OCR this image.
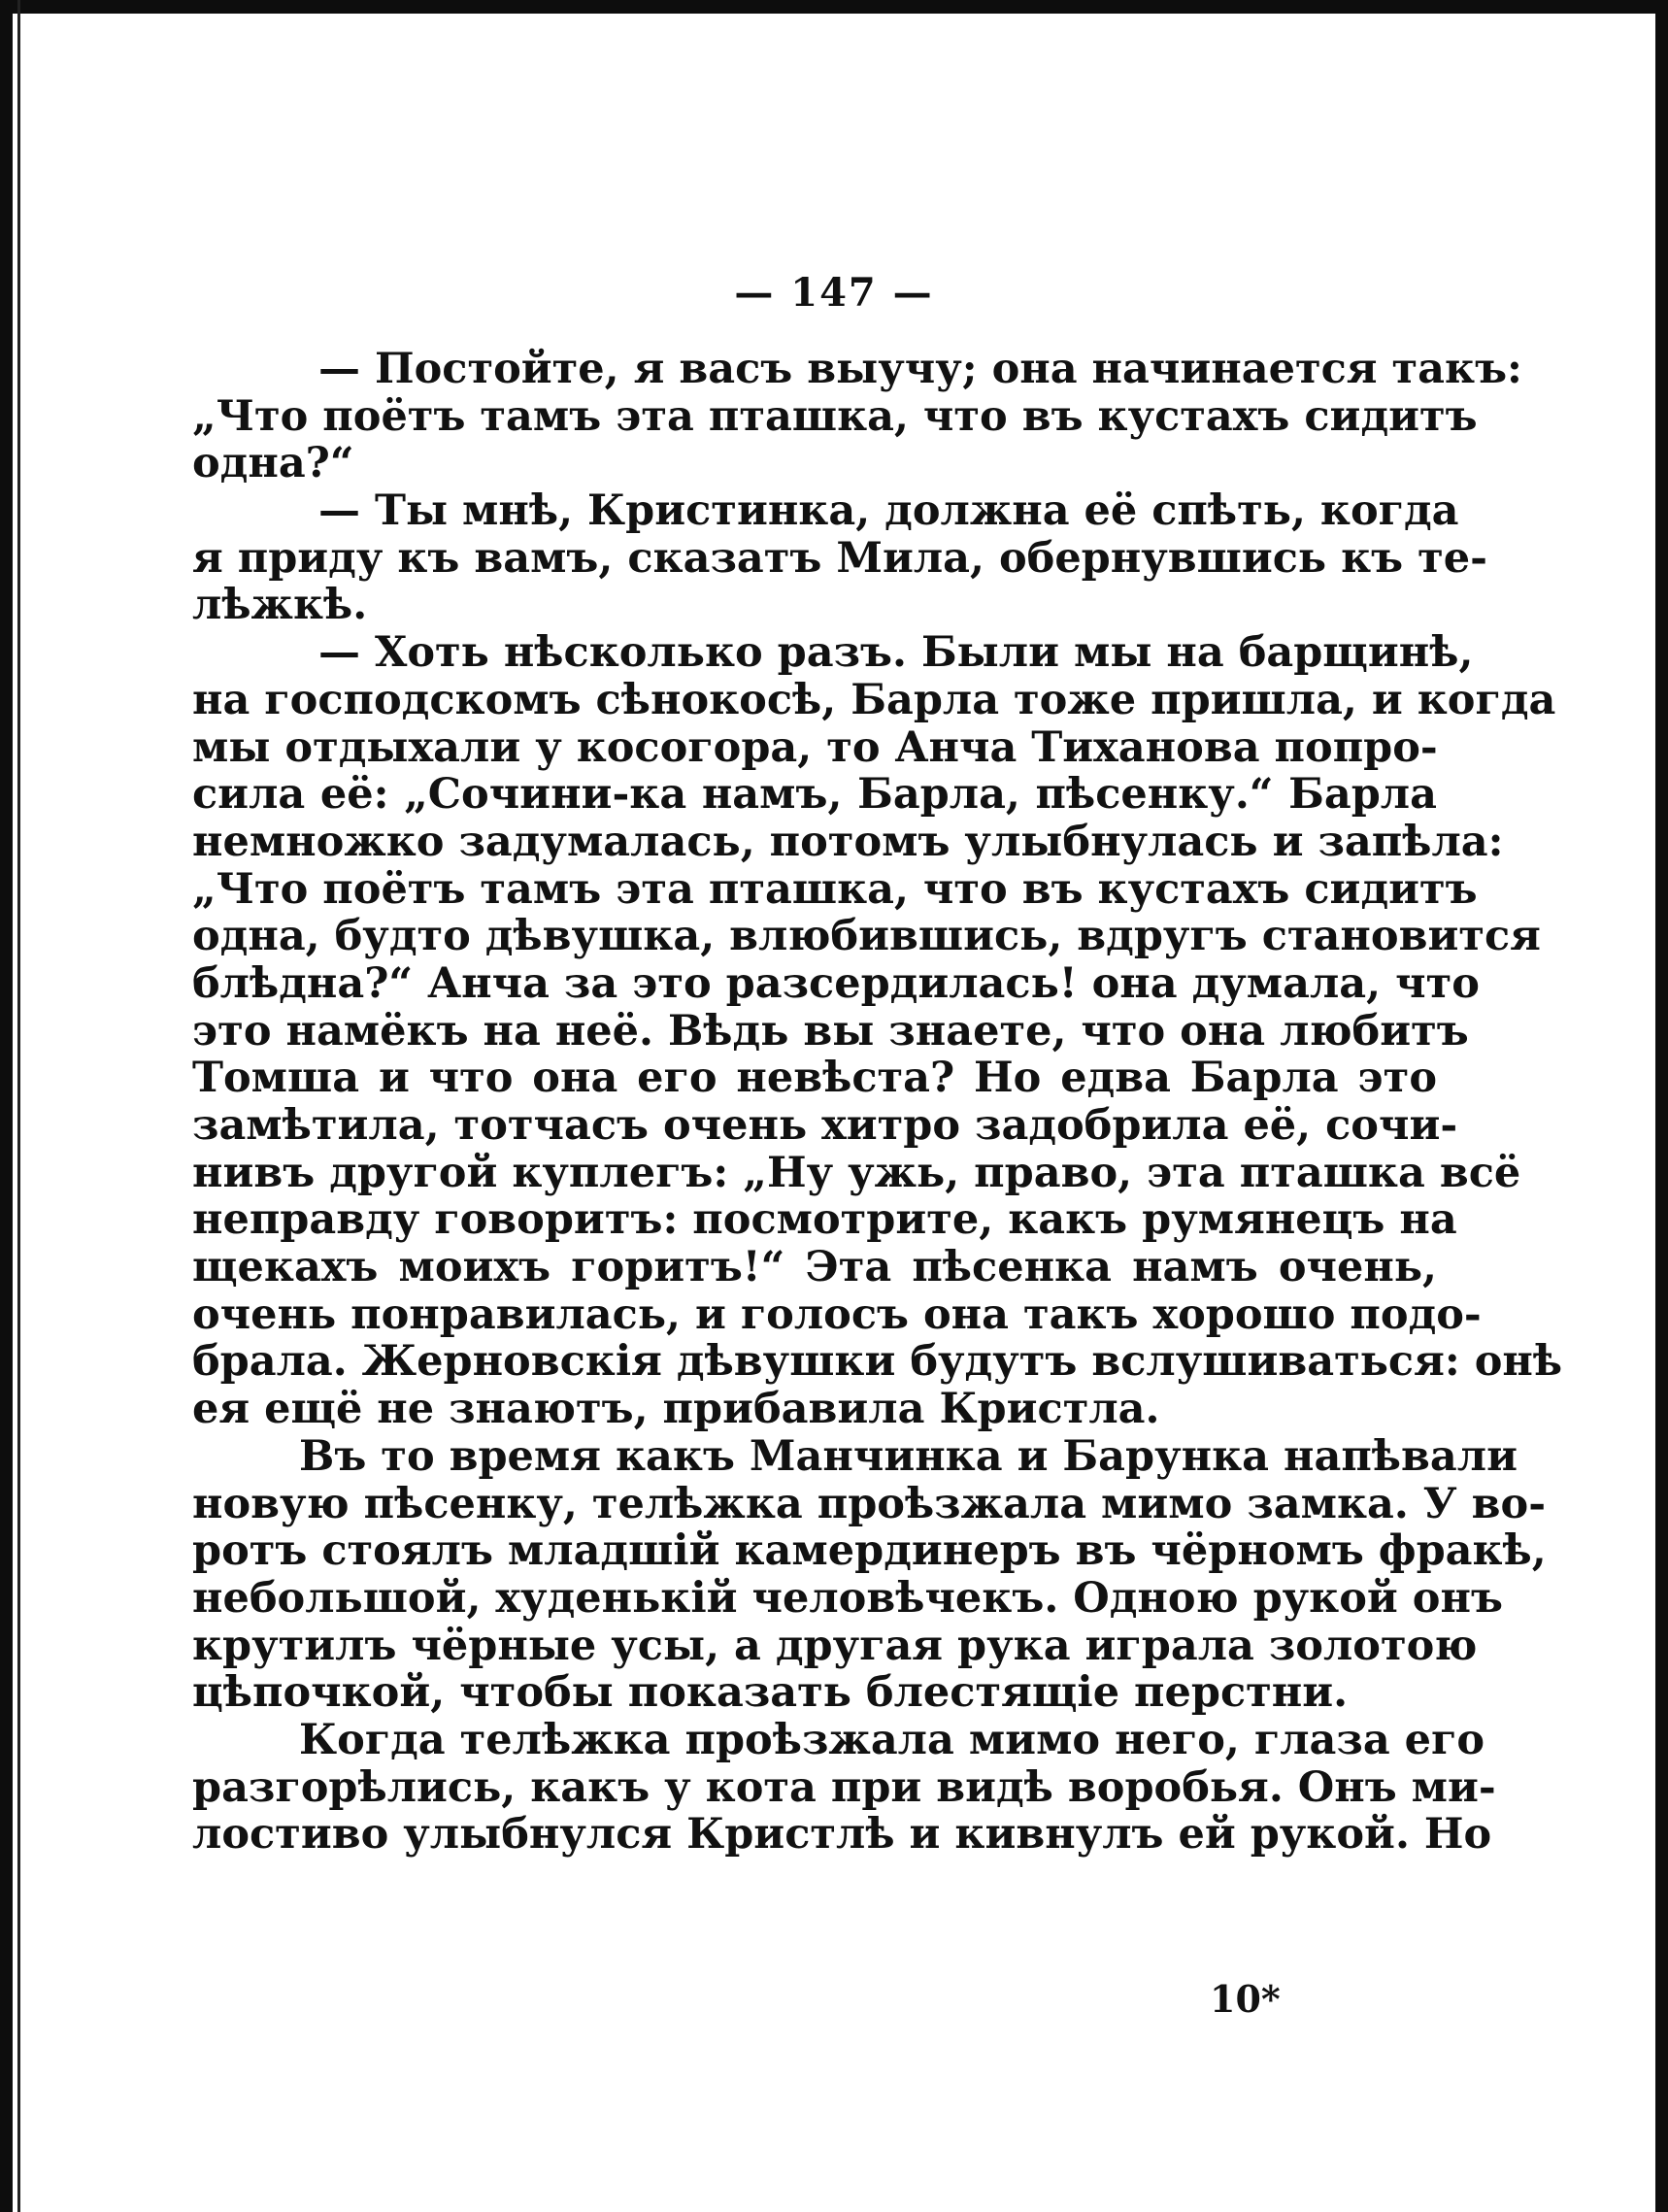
— 147 —
— Постойте, я васъ выучу; она начинается такъ:
„Что поётъ тамъ эта пташка, что въ кустахъ сидитъ
одна?“
— Ты мнѣ, Кристинка, должна её спѣть, когда
я приду къ вамъ, сказатъ Мила, обернувшись къ те-
лѣжкѣ.
— Хоть нѣсколько разъ. Были мы на барщинѣ,
на господскомъ сѣнокосѣ, Барла тоже пришла, и когда
мы отдыхали у косогора, то Анча Тиханова попро-
сила её: „Сочини-ка намъ, Барла, пѣсенку.“ Барла
немножко задумалась, потомъ улыбнулась и запѣла:
„Что поётъ тамъ эта пташка, что въ кустахъ сидитъ
одна, будто дѣвушка, влюбившись, вдругъ становится
блѣдна?“ Анча за это разсердилась! она думала, что
это намёкъ на неё. Вѣдь вы знаете, что она любитъ
Томша и что она его невѣста? Но едва Барла это
замѣтила, тотчасъ очень хитро задобрила её, сочи-
нивъ другой куплегъ: „Ну ужь, право, эта пташка всё
неправду говоритъ: посмотрите, какъ румянецъ на
щекахъ моихъ горитъ!“ Эта пѣсенка намъ очень,
очень понравилась, и голосъ она такъ хорошо подо-
брала. Жерновскія дѣвушки будутъ вслушиваться: онѣ
ея ещё не знаютъ, прибавила Кристла.
Въ то время какъ Манчинка и Барунка напѣвали
новую пѣсенку, телѣжка проѣзжала мимо замка. У во-
ротъ стоялъ младшій камердинеръ въ чёрномъ фракѣ,
небольшой, худенькій человѣчекъ. Одною рукой онъ
крутилъ чёрные усы, а другая рука играла золотою
цѣпочкой, чтобы показать блестящіе перстни.
Когда телѣжка проѣзжала мимо него, глаза его
разгорѣлись, какъ у кота при видѣ воробья. Онъ ми-
лостиво улыбнулся Кристлѣ и кивнулъ ей рукой. Но
10*
